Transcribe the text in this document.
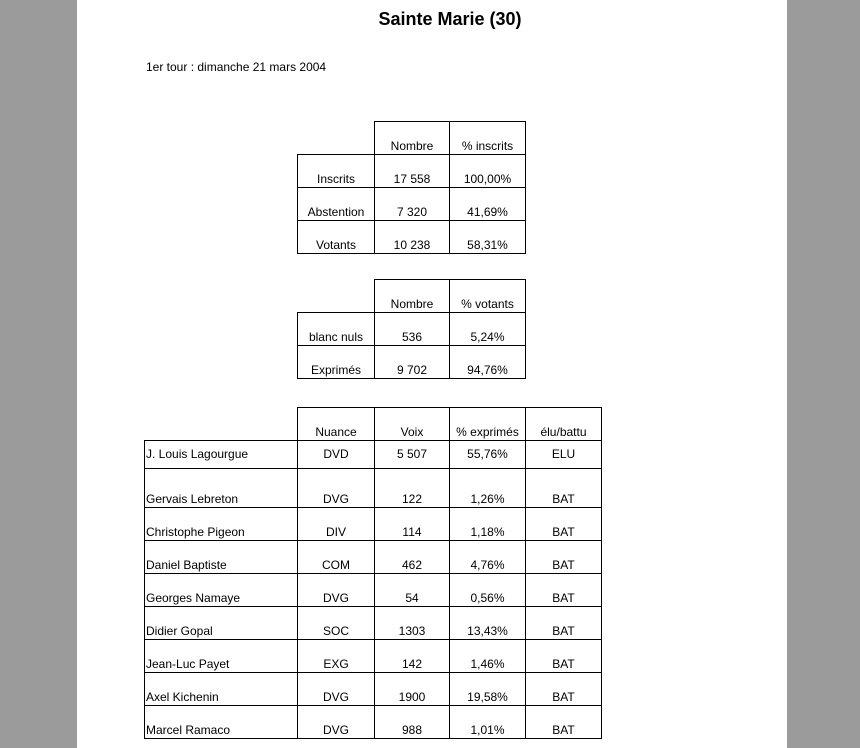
Sainte Marie (30)
1er tour : dimanche 21 mars 2004
	Nombre	% inscrits
Inscrits	17 558	100,00%
Abstention	7 320	41,69%
Votants	10 238	58,31%
	Nombre	% votants
blanc nuls	536	5,24%
Exprimés	9 702	94,76%
	Nuance	Voix	% exprimés	élu/battu
J. Louis Lagourgue	DVD	5 507	55,76%	ELU
Gervais Lebreton	DVG	122	1,26%	BAT
Christophe Pigeon	DIV	114	1,18%	BAT
Daniel Baptiste	COM	462	4,76%	BAT
Georges Namaye	DVG	54	0,56%	BAT
Didier Gopal	SOC	1303	13,43%	BAT
Jean-Luc Payet	EXG	142	1,46%	BAT
Axel Kichenin	DVG	1900	19,58%	BAT
Marcel Ramaco	DVG	988	1,01%	BAT
